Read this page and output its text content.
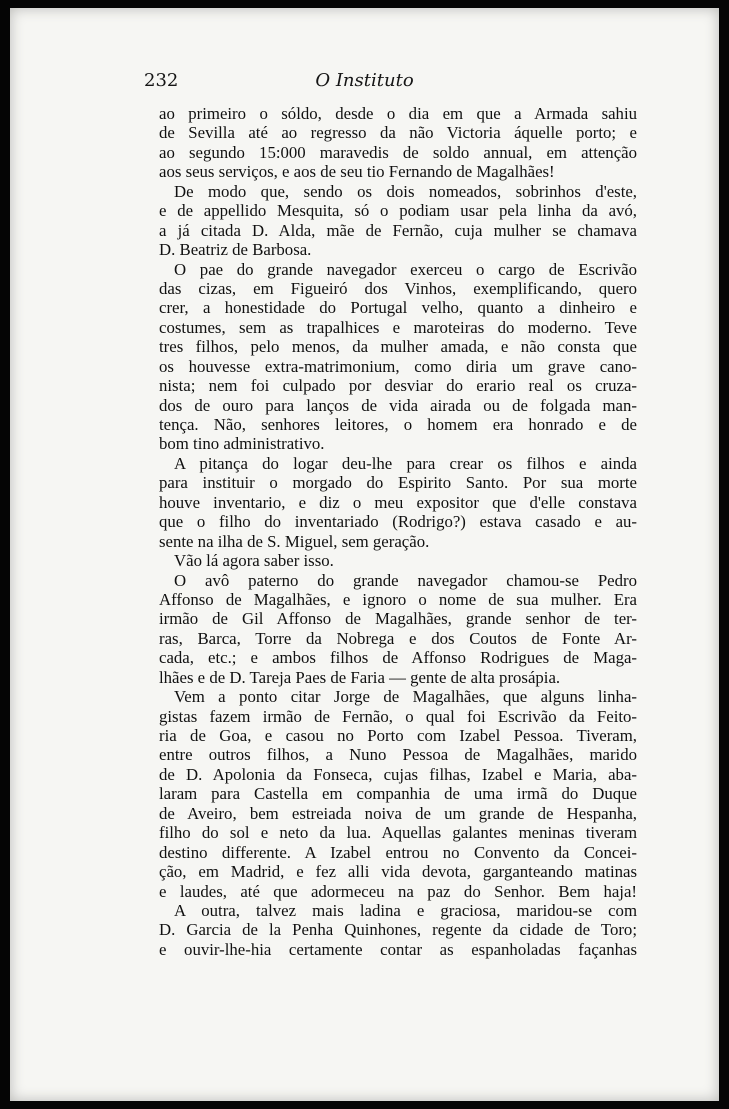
232	O Instituto
ao primeiro o sóldo, desde o dia em que a Armada sahiu
de Sevilla até ao regresso da não Victoria áquelle porto; e
ao segundo 15:000 maravedis de soldo annual, em attenção
aos seus serviços, e aos de seu tio Fernando de Magalhães!
De modo que, sendo os dois nomeados, sobrinhos d'este,
e de appellido Mesquita, só o podiam usar pela linha da avó,
a já citada D. Alda, mãe de Fernão, cuja mulher se chamava
D. Beatriz de Barbosa.
O pae do grande navegador exerceu o cargo de Escrivão
das cizas, em Figueiró dos Vinhos, exemplificando, quero
crer, a honestidade do Portugal velho, quanto a dinheiro e
costumes, sem as trapalhices e maroteiras do moderno. Teve
tres filhos, pelo menos, da mulher amada, e não consta que
os houvesse extra-matrimonium, como diria um grave cano-
nista; nem foi culpado por desviar do erario real os cruza-
dos de ouro para lanços de vida airada ou de folgada man-
tença. Não, senhores leitores, o homem era honrado e de
bom tino administrativo.
A pitança do logar deu-lhe para crear os filhos e ainda
para instituir o morgado do Espirito Santo. Por sua morte
houve inventario, e diz o meu expositor que d'elle constava
que o filho do inventariado (Rodrigo?) estava casado e au-
sente na ilha de S. Miguel, sem geração.
Vão lá agora saber isso.
O avô paterno do grande navegador chamou-se Pedro
Affonso de Magalhães, e ignoro o nome de sua mulher. Era
irmão de Gil Affonso de Magalhães, grande senhor de ter-
ras, Barca, Torre da Nobrega e dos Coutos de Fonte Ar-
cada, etc.; e ambos filhos de Affonso Rodrigues de Maga-
lhães e de D. Tareja Paes de Faria — gente de alta prosápia.
Vem a ponto citar Jorge de Magalhães, que alguns linha-
gistas fazem irmão de Fernão, o qual foi Escrivão da Feito-
ria de Goa, e casou no Porto com Izabel Pessoa. Tiveram,
entre outros filhos, a Nuno Pessoa de Magalhães, marido
de D. Apolonia da Fonseca, cujas filhas, Izabel e Maria, aba-
laram para Castella em companhia de uma irmã do Duque
de Aveiro, bem estreiada noiva de um grande de Hespanha,
filho do sol e neto da lua. Aquellas galantes meninas tiveram
destino differente. A Izabel entrou no Convento da Concei-
ção, em Madrid, e fez alli vida devota, garganteando matinas
e laudes, até que adormeceu na paz do Senhor. Bem haja!
A outra, talvez mais ladina e graciosa, maridou-se com
D. Garcia de la Penha Quinhones, regente da cidade de Toro;
e ouvir-lhe-hia certamente contar as espanholadas façanhas
